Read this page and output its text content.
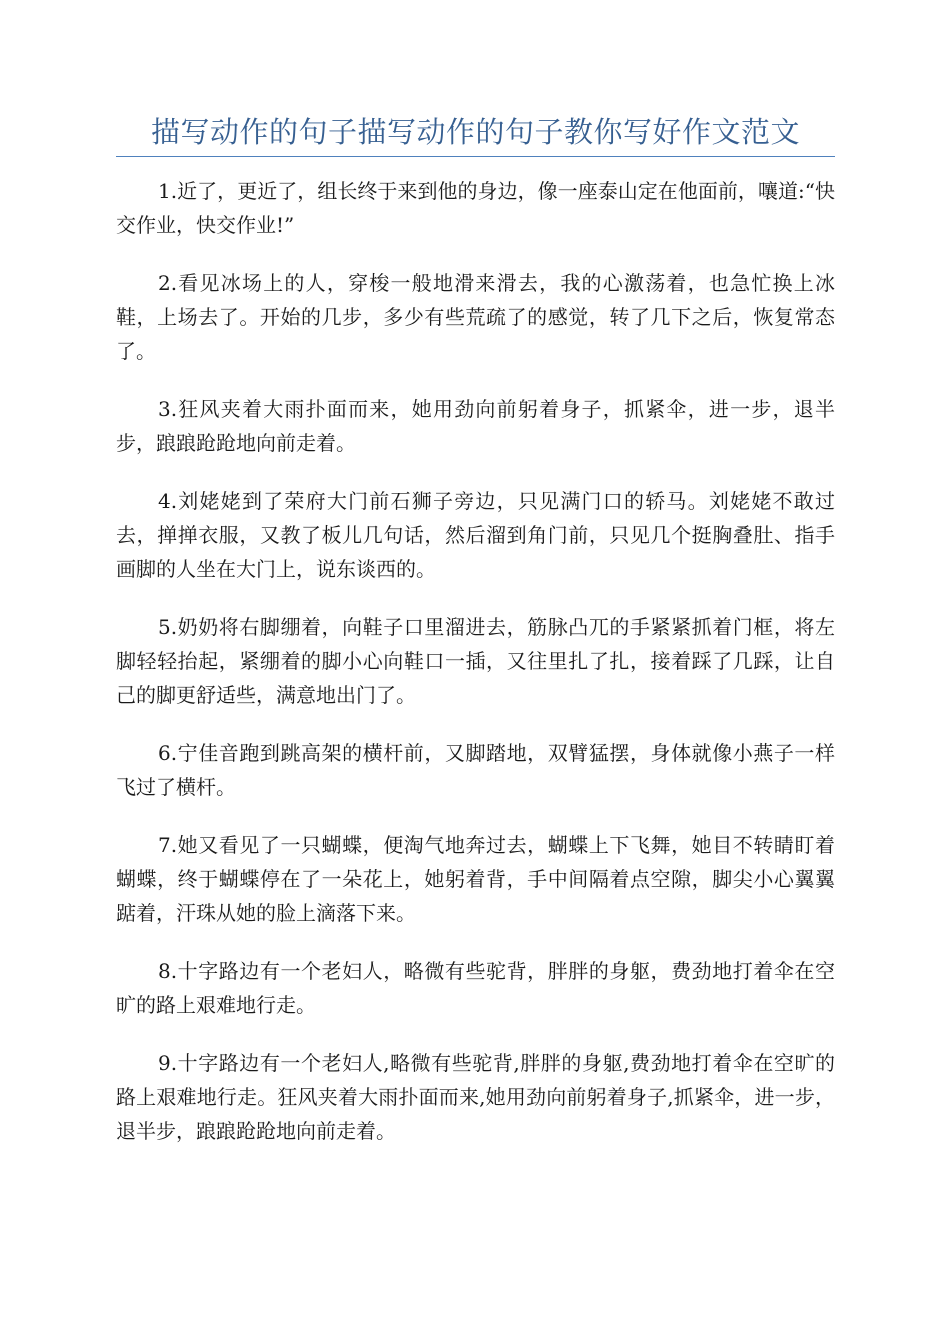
描写动作的句子描写动作的句子教你写好作文范文

1.近了，更近了，组长终于来到他的身边，像一座泰山定在他面前，嚷道:“快交作业，快交作业!”

2.看见冰场上的人，穿梭一般地滑来滑去，我的心激荡着，也急忙换上冰鞋，上场去了。开始的几步，多少有些荒疏了的感觉，转了几下之后，恢复常态了。

3.狂风夹着大雨扑面而来，她用劲向前躬着身子，抓紧伞，进一步，退半步，踉踉跄跄地向前走着。

4.刘姥姥到了荣府大门前石狮子旁边，只见满门口的轿马。刘姥姥不敢过去，掸掸衣服，又教了板儿几句话，然后溜到角门前，只见几个挺胸叠肚、指手画脚的人坐在大门上，说东谈西的。

5.奶奶将右脚绷着，向鞋子口里溜进去，筋脉凸兀的手紧紧抓着门框，将左脚轻轻抬起，紧绷着的脚小心向鞋口一插，又往里扎了扎，接着踩了几踩，让自己的脚更舒适些，满意地出门了。

6.宁佳音跑到跳高架的横杆前，又脚踏地，双臂猛摆，身体就像小燕子一样飞过了横杆。

7.她又看见了一只蝴蝶，便淘气地奔过去，蝴蝶上下飞舞，她目不转睛盯着蝴蝶，终于蝴蝶停在了一朵花上，她躬着背，手中间隔着点空隙，脚尖小心翼翼踮着，汗珠从她的脸上滴落下来。

8.十字路边有一个老妇人，略微有些驼背，胖胖的身躯，费劲地打着伞在空旷的路上艰难地行走。

9.十字路边有一个老妇人,略微有些驼背,胖胖的身躯,费劲地打着伞在空旷的路上艰难地行走。狂风夹着大雨扑面而来,她用劲向前躬着身子,抓紧伞，进一步，退半步，踉踉跄跄地向前走着。
